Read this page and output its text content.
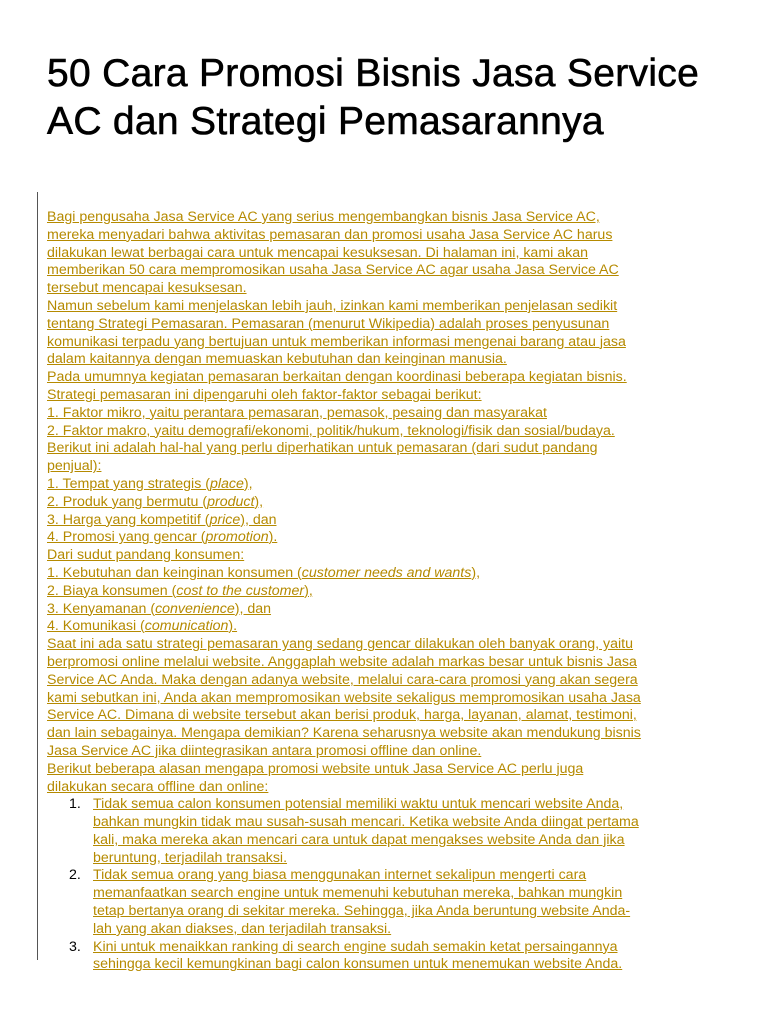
50 Cara Promosi Bisnis Jasa Service AC dan Strategi Pemasarannya
Bagi pengusaha Jasa Service AC yang serius mengembangkan bisnis Jasa Service AC,
mereka menyadari bahwa aktivitas pemasaran dan promosi usaha Jasa Service AC harus
dilakukan lewat berbagai cara untuk mencapai kesuksesan. Di halaman ini, kami akan
memberikan 50 cara mempromosikan usaha Jasa Service AC agar usaha Jasa Service AC
tersebut mencapai kesuksesan.
Namun sebelum kami menjelaskan lebih jauh, izinkan kami memberikan penjelasan sedikit
tentang Strategi Pemasaran. Pemasaran (menurut Wikipedia) adalah proses penyusunan
komunikasi terpadu yang bertujuan untuk memberikan informasi mengenai barang atau jasa
dalam kaitannya dengan memuaskan kebutuhan dan keinginan manusia.
Pada umumnya kegiatan pemasaran berkaitan dengan koordinasi beberapa kegiatan bisnis.
Strategi pemasaran ini dipengaruhi oleh faktor-faktor sebagai berikut:
1. Faktor mikro, yaitu perantara pemasaran, pemasok, pesaing dan masyarakat
2. Faktor makro, yaitu demografi/ekonomi, politik/hukum, teknologi/fisik dan sosial/budaya.
Berikut ini adalah hal-hal yang perlu diperhatikan untuk pemasaran (dari sudut pandang
penjual):
1. Tempat yang strategis (place),
2. Produk yang bermutu (product),
3. Harga yang kompetitif (price), dan
4. Promosi yang gencar (promotion).
Dari sudut pandang konsumen:
1. Kebutuhan dan keinginan konsumen (customer needs and wants),
2. Biaya konsumen (cost to the customer),
3. Kenyamanan (convenience), dan
4. Komunikasi (comunication).
Saat ini ada satu strategi pemasaran yang sedang gencar dilakukan oleh banyak orang, yaitu
berpromosi online melalui website. Anggaplah website adalah markas besar untuk bisnis Jasa
Service AC Anda. Maka dengan adanya website, melalui cara-cara promosi yang akan segera
kami sebutkan ini, Anda akan mempromosikan website sekaligus mempromosikan usaha Jasa
Service AC. Dimana di website tersebut akan berisi produk, harga, layanan, alamat, testimoni,
dan lain sebagainya. Mengapa demikian? Karena seharusnya website akan mendukung bisnis
Jasa Service AC jika diintegrasikan antara promosi offline dan online.
Berikut beberapa alasan mengapa promosi website untuk Jasa Service AC perlu juga
dilakukan secara offline dan online:
1. Tidak semua calon konsumen potensial memiliki waktu untuk mencari website Anda,
bahkan mungkin tidak mau susah-susah mencari. Ketika website Anda diingat pertama
kali, maka mereka akan mencari cara untuk dapat mengakses website Anda dan jika
beruntung, terjadilah transaksi.
2. Tidak semua orang yang biasa menggunakan internet sekalipun mengerti cara
memanfaatkan search engine untuk memenuhi kebutuhan mereka, bahkan mungkin
tetap bertanya orang di sekitar mereka. Sehingga, jika Anda beruntung website Anda-
lah yang akan diakses, dan terjadilah transaksi.
3. Kini untuk menaikkan ranking di search engine sudah semakin ketat persaingannya
sehingga kecil kemungkinan bagi calon konsumen untuk menemukan website Anda.
